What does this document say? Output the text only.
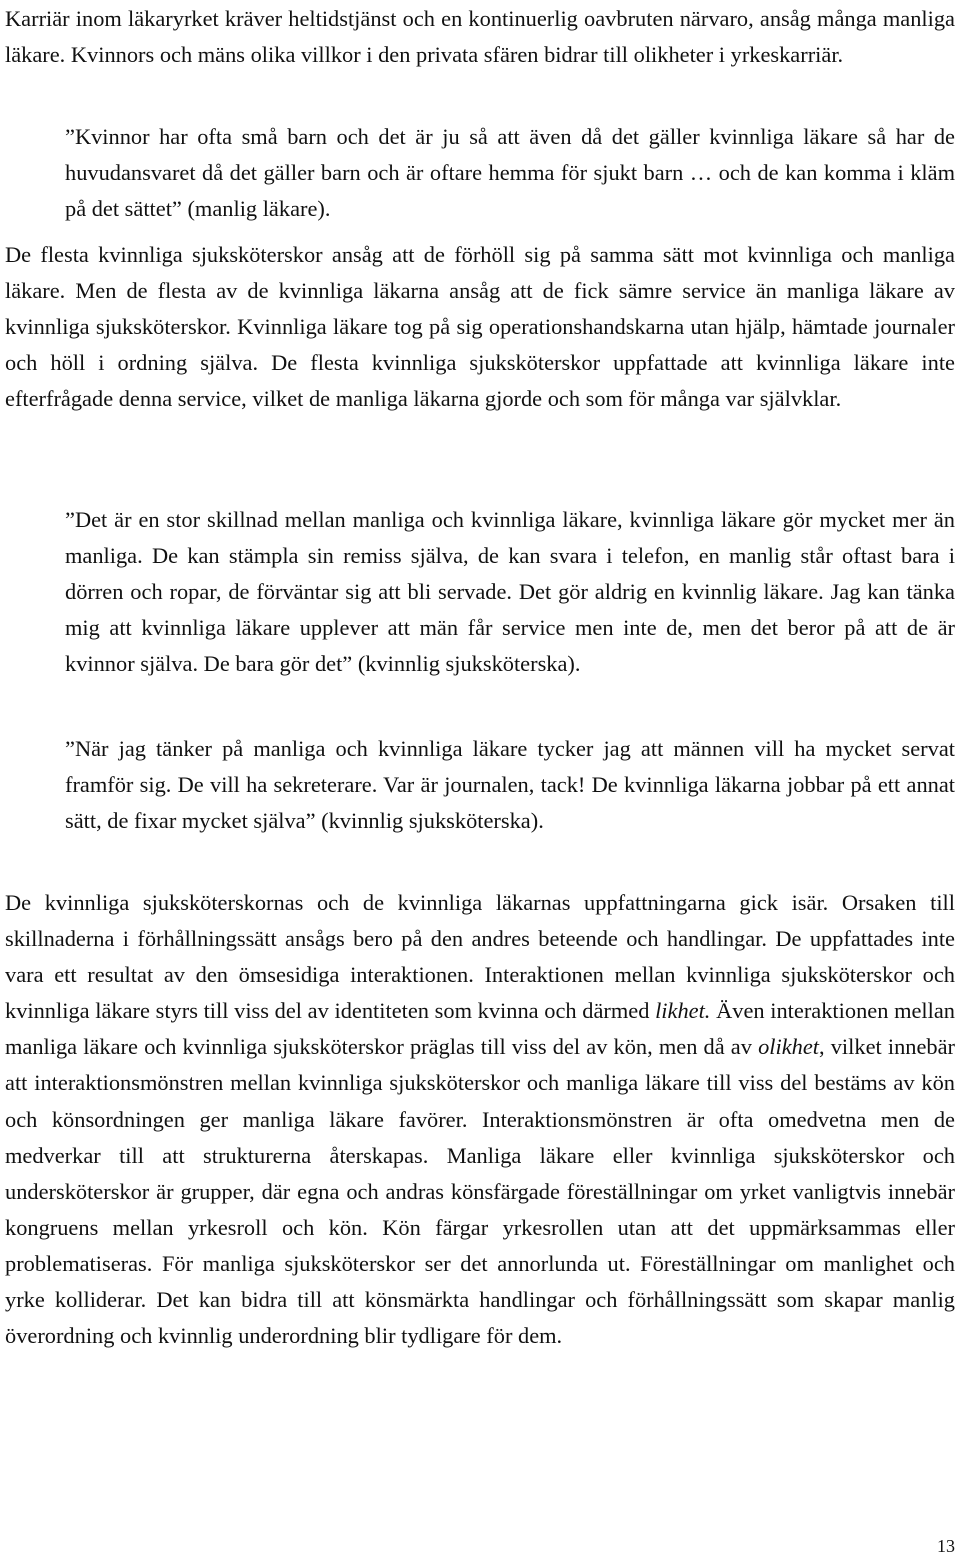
Karriär inom läkaryrket kräver heltidstjänst och en kontinuerlig oavbruten närvaro, ansåg många manliga läkare. Kvinnors och mäns olika villkor i den privata sfären bidrar till olikheter i yrkeskarriär.

”Kvinnor har ofta små barn och det är ju så att även då det gäller kvinnliga läkare så har de huvudansvaret då det gäller barn och är oftare hemma för sjukt barn … och de kan komma i kläm på det sättet” (manlig läkare).

De flesta kvinnliga sjuksköterskor ansåg att de förhöll sig på samma sätt mot kvinnliga och manliga läkare. Men de flesta av de kvinnliga läkarna ansåg att de fick sämre service än manliga läkare av kvinnliga sjuksköterskor. Kvinnliga läkare tog på sig operationshandskarna utan hjälp, hämtade journaler och höll i ordning själva. De flesta kvinnliga sjuksköterskor uppfattade att kvinnliga läkare inte efterfrågade denna service, vilket de manliga läkarna gjorde och som för många var självklar.

”Det är en stor skillnad mellan manliga och kvinnliga läkare, kvinnliga läkare gör mycket mer än manliga. De kan stämpla sin remiss själva, de kan svara i telefon, en manlig står oftast bara i dörren och ropar, de förväntar sig att bli servade. Det gör aldrig en kvinnlig läkare. Jag kan tänka mig att kvinnliga läkare upplever att män får service men inte de, men det beror på att de är kvinnor själva. De bara gör det” (kvinnlig sjuksköterska).

”När jag tänker på manliga och kvinnliga läkare tycker jag att männen vill ha mycket servat framför sig. De vill ha sekreterare. Var är journalen, tack! De kvinnliga läkarna jobbar på ett annat sätt, de fixar mycket själva” (kvinnlig sjuksköterska).

De kvinnliga sjuksköterskornas och de kvinnliga läkarnas uppfattningarna gick isär. Orsaken till skillnaderna i förhållningssätt ansågs bero på den andres beteende och handlingar. De uppfattades inte vara ett resultat av den ömsesidiga interaktionen. Interaktionen mellan kvinnliga sjuksköterskor och kvinnliga läkare styrs till viss del av identiteten som kvinna och därmed likhet. Även interaktionen mellan manliga läkare och kvinnliga sjuksköterskor präglas till viss del av kön, men då av olikhet, vilket innebär att interaktionsmönstren mellan kvinnliga sjuksköterskor och manliga läkare till viss del bestäms av kön och könsordningen ger manliga läkare favörer. Interaktionsmönstren är ofta omedvetna men de medverkar till att strukturerna återskapas. Manliga läkare eller kvinnliga sjuksköterskor och undersköterskor är grupper, där egna och andras könsfärgade föreställningar om yrket vanligtvis innebär kongruens mellan yrkesroll och kön. Kön färgar yrkesrollen utan att det uppmärksammas eller problematiseras. För manliga sjuksköterskor ser det annorlunda ut. Föreställningar om manlighet och yrke kolliderar. Det kan bidra till att könsmärkta handlingar och förhållningssätt som skapar manlig överordning och kvinnlig underordning blir tydligare för dem.

13
